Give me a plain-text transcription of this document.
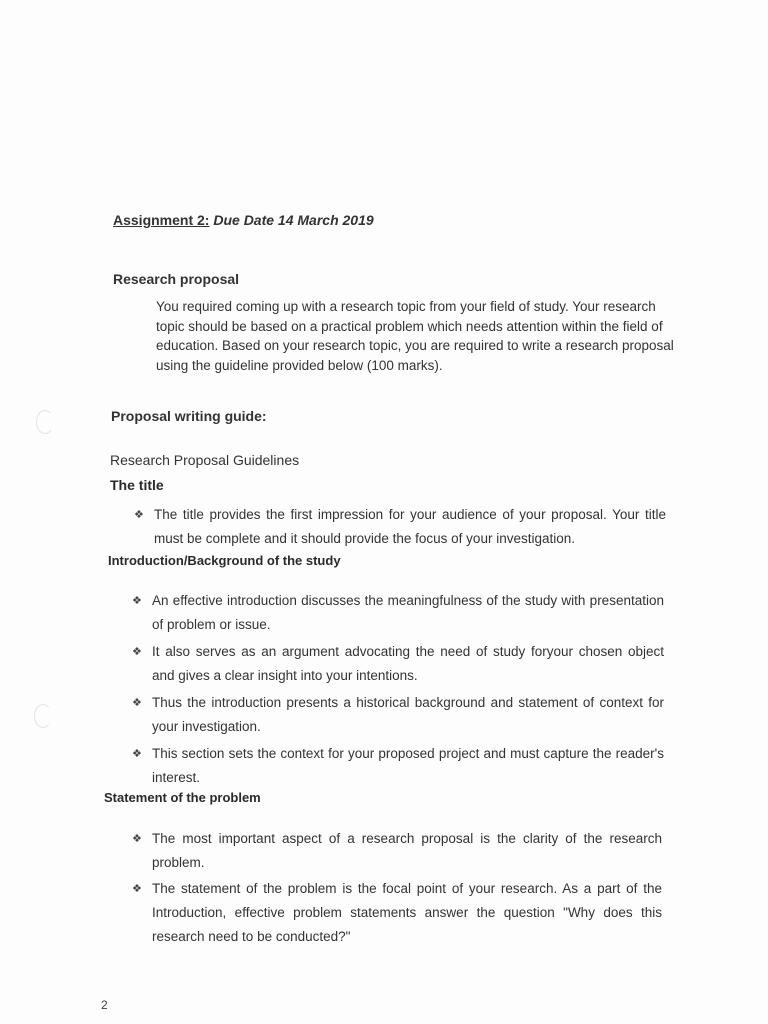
Assignment 2: Due Date 14 March 2019
Research proposal
You required coming up with a research topic from your field of study. Your research topic should be based on a practical problem which needs attention within the field of education. Based on your research topic, you are required to write a research proposal using the guideline provided below (100 marks).
Proposal writing guide:
Research Proposal Guidelines
The title
❖ The title provides the first impression for your audience of your proposal. Your title must be complete and it should provide the focus of your investigation.
Introduction/Background of the study
❖ An effective introduction discusses the meaningfulness of the study with presentation of problem or issue.
❖ It also serves as an argument advocating the need of study foryour chosen object and gives a clear insight into your intentions.
❖ Thus the introduction presents a historical background and statement of context for your investigation.
❖ This section sets the context for your proposed project and must capture the reader's interest.
Statement of the problem
❖ The most important aspect of a research proposal is the clarity of the research problem.
❖ The statement of the problem is the focal point of your research. As a part of the Introduction, effective problem statements answer the question "Why does this research need to be conducted?"
2
